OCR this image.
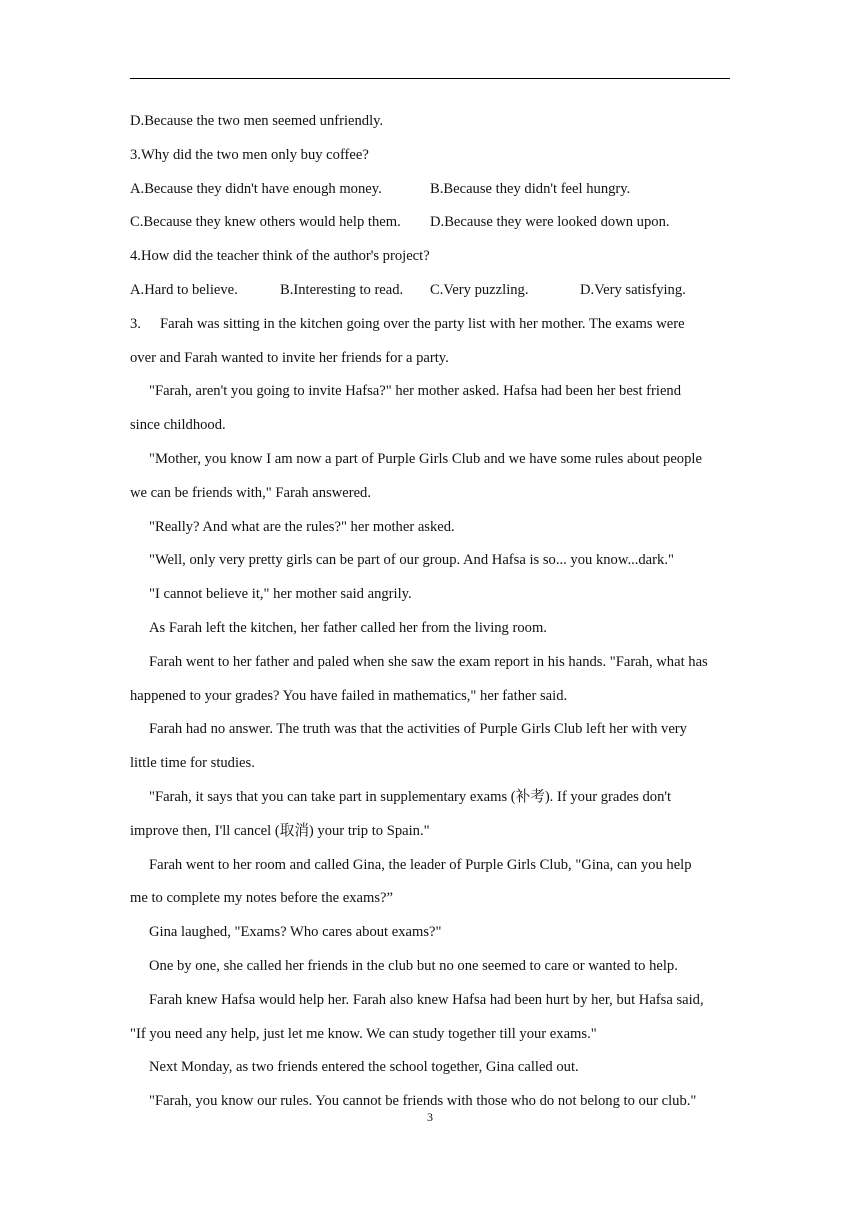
D.Because the two men seemed unfriendly.
3.Why did the two men only buy coffee?
A.Because they didn't have enough money.	B.Because they didn't feel hungry.
C.Because they knew others would help them.	D.Because they were looked down upon.
4.How did the teacher think of the author's project?
A.Hard to believe.	B.Interesting to read.	C.Very puzzling.	D.Very satisfying.
3. Farah was sitting in the kitchen going over the party list with her mother. The exams were
over and Farah wanted to invite her friends for a party.
"Farah, aren't you going to invite Hafsa?" her mother asked. Hafsa had been her best friend
since childhood.
"Mother, you know I am now a part of Purple Girls Club and we have some rules about people
we can be friends with," Farah answered.
"Really? And what are the rules?" her mother asked.
"Well, only very pretty girls can be part of our group. And Hafsa is so... you know...dark."
"I cannot believe it," her mother said angrily.
As Farah left the kitchen, her father called her from the living room.
Farah went to her father and paled when she saw the exam report in his hands. "Farah, what has
happened to your grades? You have failed in mathematics," her father said.
Farah had no answer. The truth was that the activities of Purple Girls Club left her with very
little time for studies.
"Farah, it says that you can take part in supplementary exams (补考). If your grades don't
improve then, I'll cancel (取消) your trip to Spain."
Farah went to her room and called Gina, the leader of Purple Girls Club, "Gina, can you help
me to complete my notes before the exams?”
Gina laughed, "Exams? Who cares about exams?"
One by one, she called her friends in the club but no one seemed to care or wanted to help.
Farah knew Hafsa would help her. Farah also knew Hafsa had been hurt by her, but Hafsa said,
"If you need any help, just let me know. We can study together till your exams."
Next Monday, as two friends entered the school together, Gina called out.
"Farah, you know our rules. You cannot be friends with those who do not belong to our club."
3
